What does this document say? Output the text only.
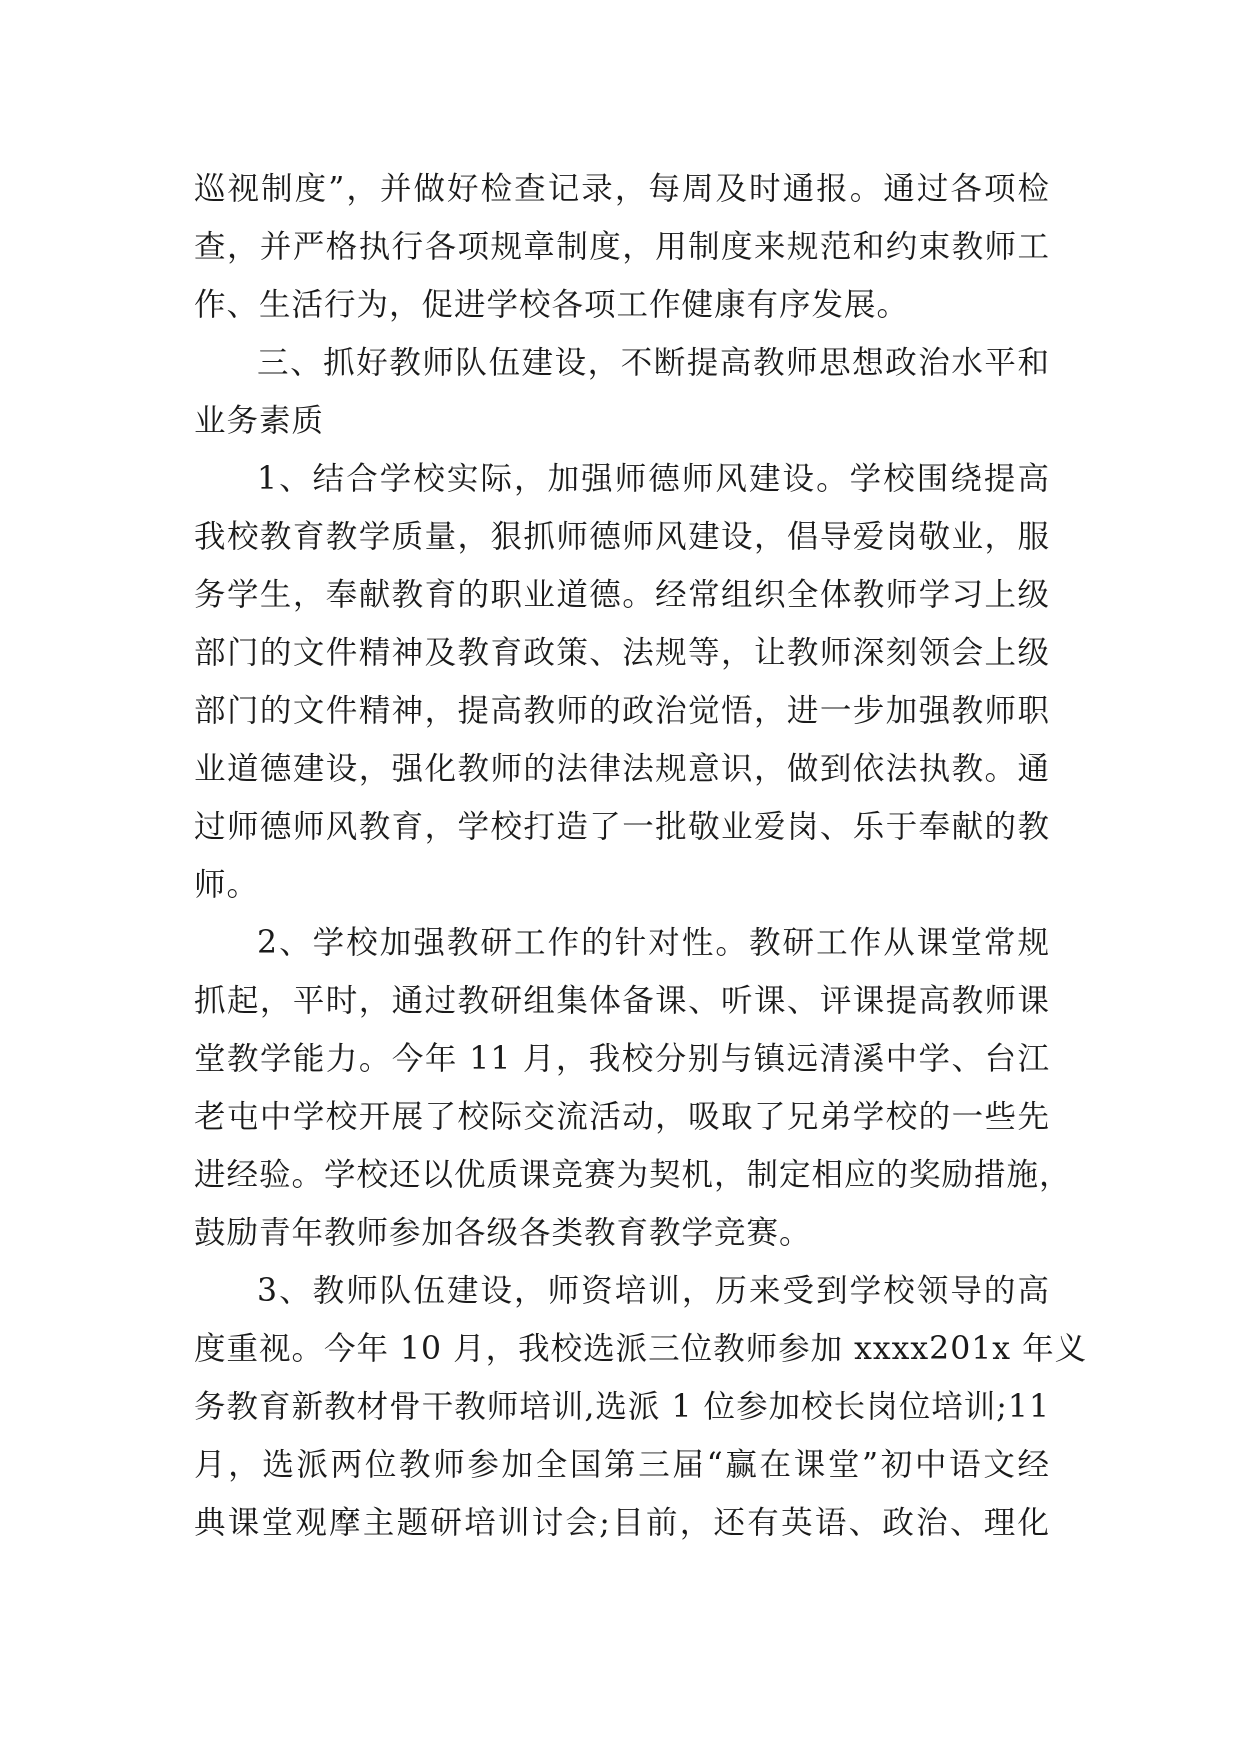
巡视制度”，并做好检查记录，每周及时通报。通过各项检
查，并严格执行各项规章制度，用制度来规范和约束教师工
作、生活行为，促进学校各项工作健康有序发展。
三、抓好教师队伍建设，不断提高教师思想政治水平和
业务素质
1、结合学校实际，加强师德师风建设。学校围绕提高
我校教育教学质量，狠抓师德师风建设，倡导爱岗敬业，服
务学生，奉献教育的职业道德。经常组织全体教师学习上级
部门的文件精神及教育政策、法规等，让教师深刻领会上级
部门的文件精神，提高教师的政治觉悟，进一步加强教师职
业道德建设，强化教师的法律法规意识，做到依法执教。通
过师德师风教育，学校打造了一批敬业爱岗、乐于奉献的教
师。
2、学校加强教研工作的针对性。教研工作从课堂常规
抓起，平时，通过教研组集体备课、听课、评课提高教师课
堂教学能力。今年 11 月，我校分别与镇远清溪中学、台江
老屯中学校开展了校际交流活动，吸取了兄弟学校的一些先
进经验。学校还以优质课竞赛为契机，制定相应的奖励措施，
鼓励青年教师参加各级各类教育教学竞赛。
3、教师队伍建设，师资培训，历来受到学校领导的高
度重视。今年 10 月，我校选派三位教师参加 xxxx201x 年义
务教育新教材骨干教师培训,选派 1 位参加校长岗位培训;11
月，选派两位教师参加全国第三届“赢在课堂”初中语文经
典课堂观摩主题研培训讨会;目前，还有英语、政治、理化
